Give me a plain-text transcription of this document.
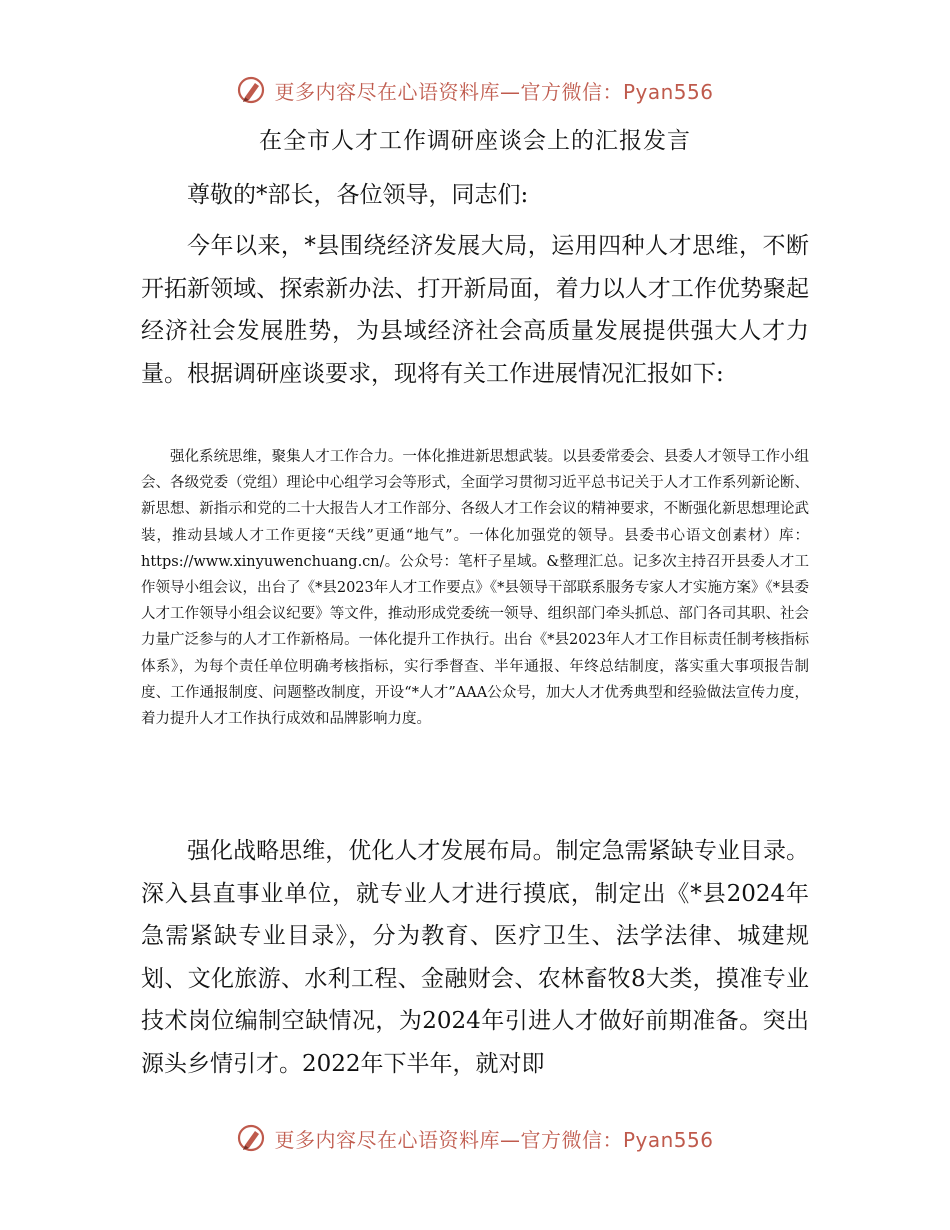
更多内容尽在心语资料库—官方微信：Pyan556
在全市人才工作调研座谈会上的汇报发言

尊敬的*部长，各位领导，同志们:

今年以来，*县围绕经济发展大局，运用四种人才思维，不断开拓新领域、探索新办法、打开新局面，着力以人才工作优势聚起经济社会发展胜势，为县域经济社会高质量发展提供强大人才力量。根据调研座谈要求，现将有关工作进展情况汇报如下:

强化系统思维，聚集人才工作合力。一体化推进新思想武装。以县委常委会、县委人才领导工作小组会、各级党委（党组）理论中心组学习会等形式，全面学习贯彻习近平总书记关于人才工作系列新论断、新思想、新指示和党的二十大报告人才工作部分、各级人才工作会议的精神要求，不断强化新思想理论武装，推动县域人才工作更接“天线”更通“地气”。一体化加强党的领导。县委书心语文创素材）库：https://www.xinyuwenchuang.cn/。公众号：笔杆子星域。&整理汇总。记多次主持召开县委人才工作领导小组会议，出台了《*县2023年人才工作要点》《*县领导干部联系服务专家人才实施方案》《*县委人才工作领导小组会议纪要》等文件，推动形成党委统一领导、组织部门牵头抓总、部门各司其职、社会力量广泛参与的人才工作新格局。一体化提升工作执行。出台《*县2023年人才工作目标责任制考核指标体系》，为每个责任单位明确考核指标，实行季督查、半年通报、年终总结制度，落实重大事项报告制度、工作通报制度、问题整改制度，开设“*人才”AAA公众号，加大人才优秀典型和经验做法宣传力度，着力提升人才工作执行成效和品牌影响力度。

强化战略思维，优化人才发展布局。制定急需紧缺专业目录。深入县直事业单位，就专业人才进行摸底，制定出《*县2024年急需紧缺专业目录》，分为教育、医疗卫生、法学法律、城建规划、文化旅游、水利工程、金融财会、农林畜牧8大类，摸准专业技术岗位编制空缺情况，为2024年引进人才做好前期准备。突出源头乡情引才。2022年下半年，就对即

更多内容尽在心语资料库—官方微信：Pyan556
